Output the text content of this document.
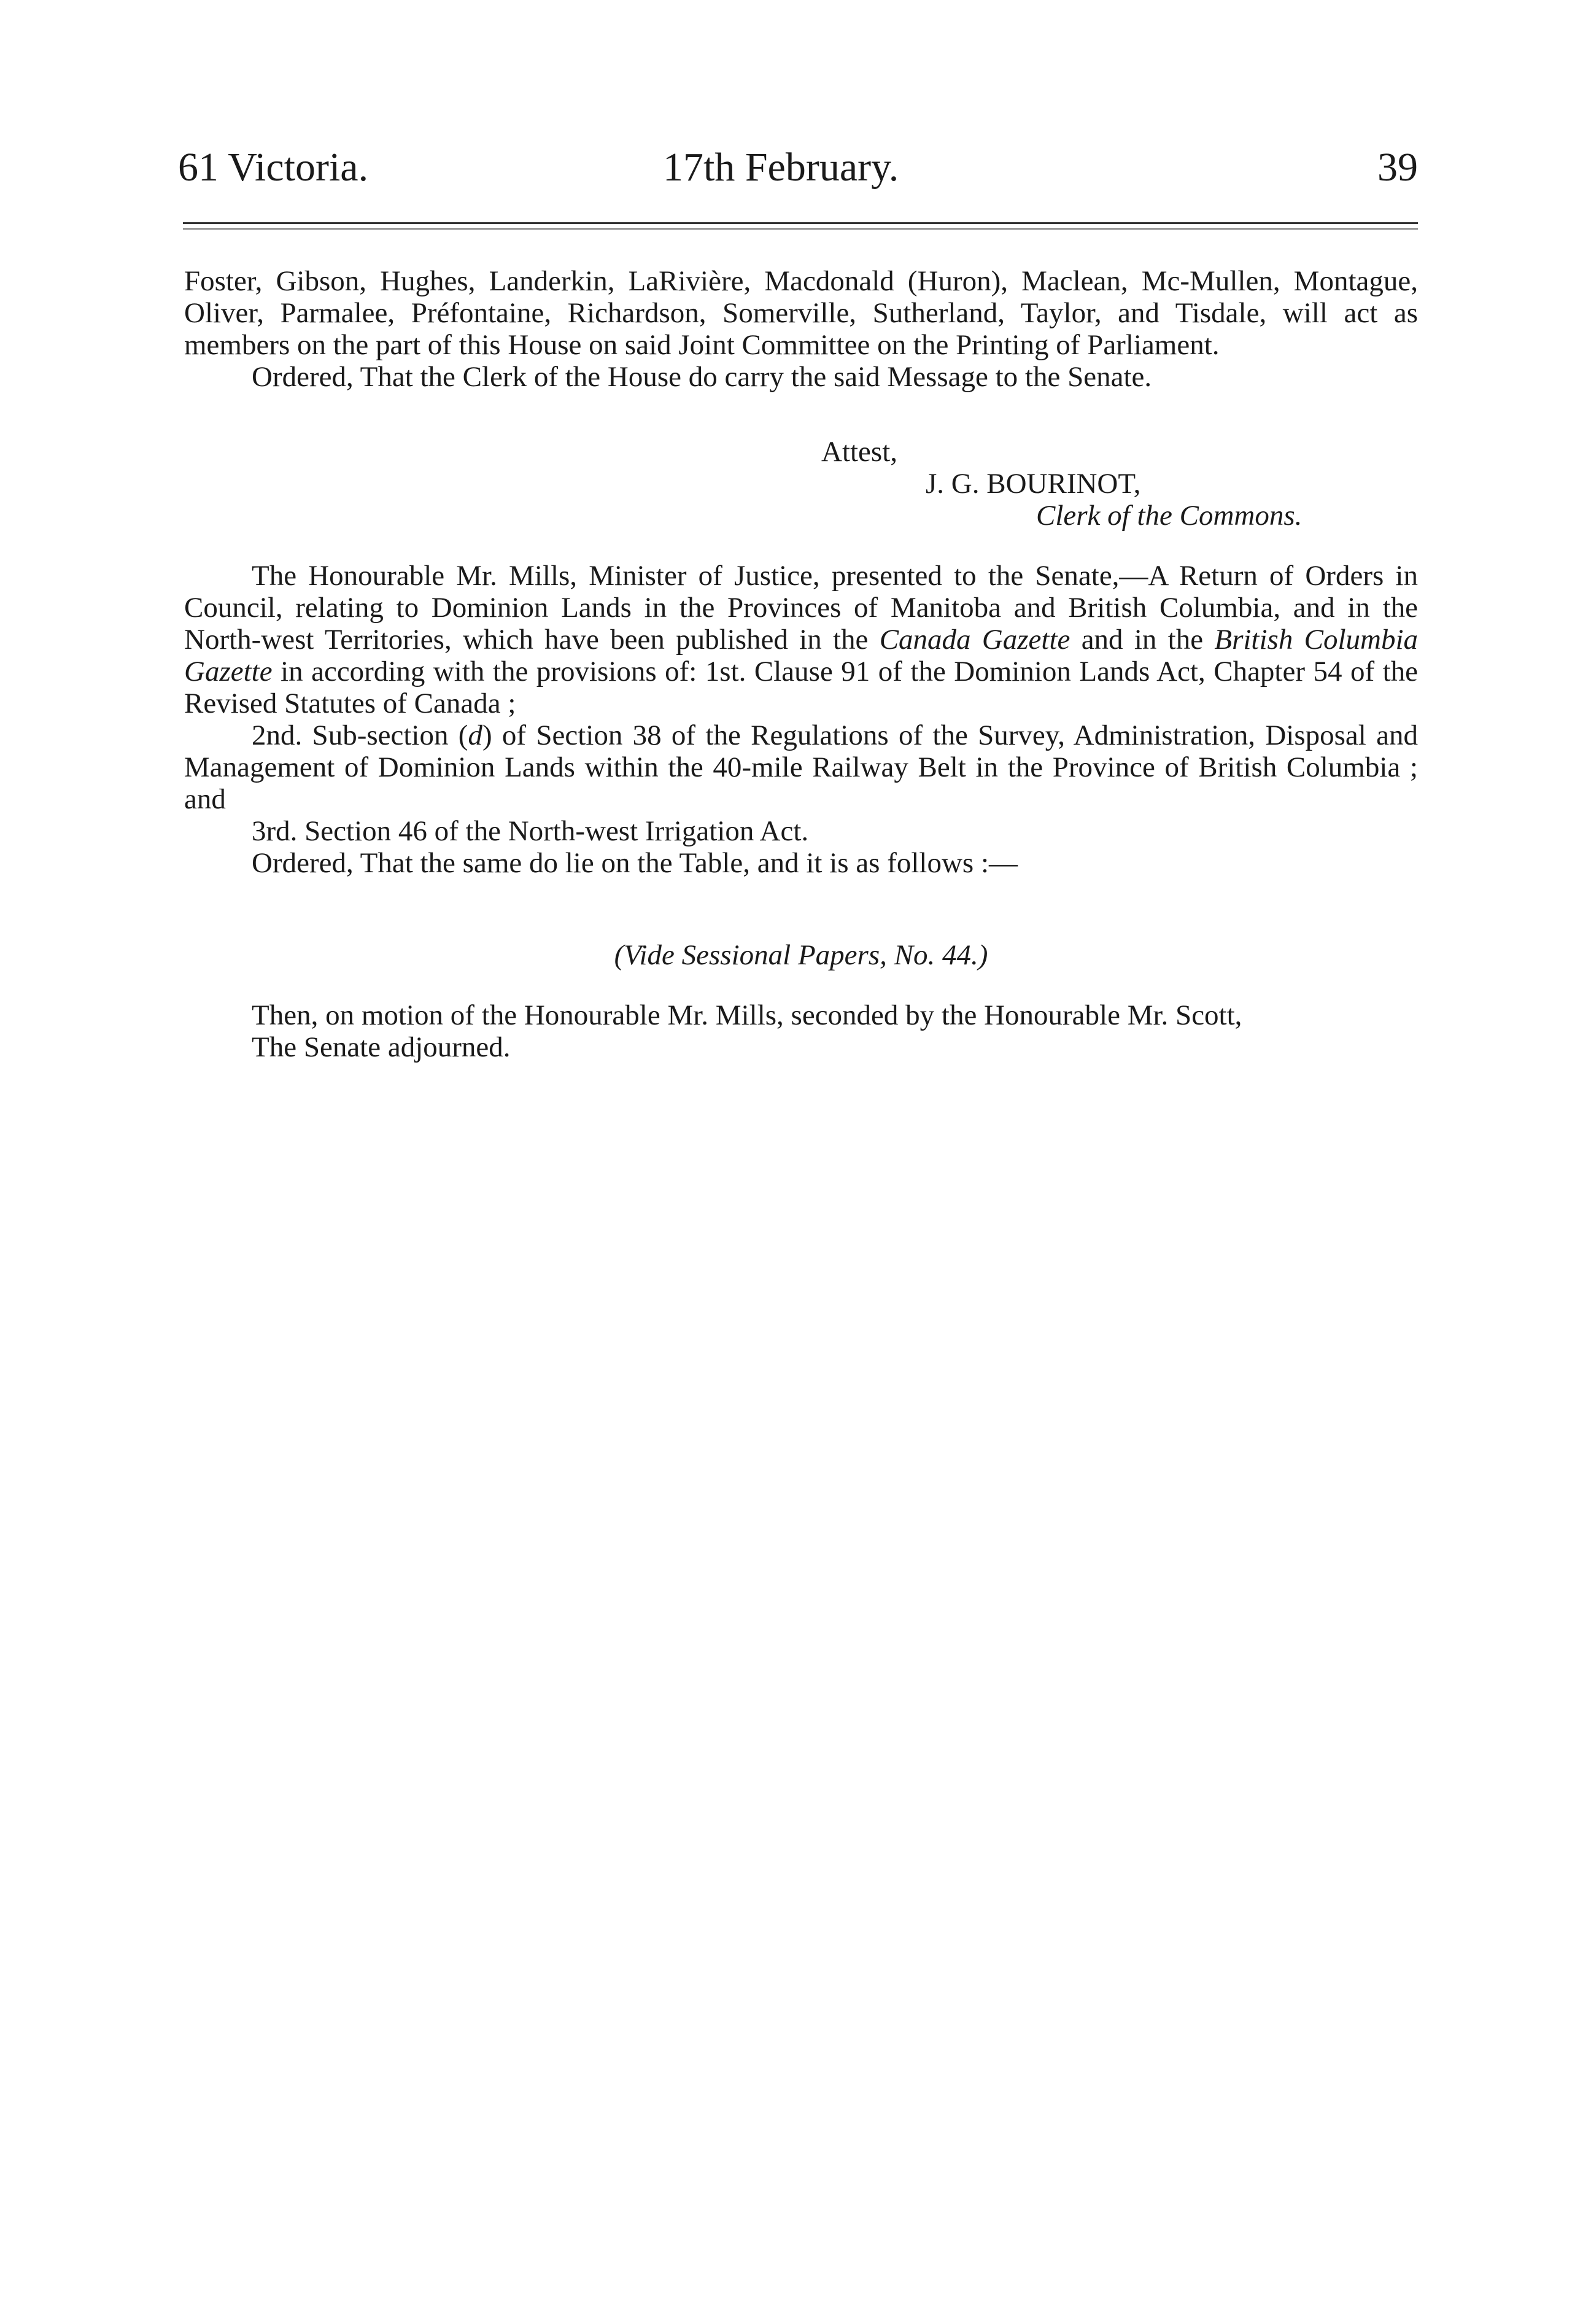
61 Victoria.	17th February.	39

Foster, Gibson, Hughes, Landerkin, LaRivière, Macdonald (Huron), Maclean, Mc-Mullen, Montague, Oliver, Parmalee, Préfontaine, Richardson, Somerville, Sutherland, Taylor, and Tisdale, will act as members on the part of this House on said Joint Committee on the Printing of Parliament.

Ordered, That the Clerk of the House do carry the said Message to the Senate.

Attest,
J. G. BOURINOT,
Clerk of the Commons.

The Honourable Mr. Mills, Minister of Justice, presented to the Senate,—A Return of Orders in Council, relating to Dominion Lands in the Provinces of Manitoba and British Columbia, and in the North-west Territories, which have been published in the Canada Gazette and in the British Columbia Gazette in according with the provisions of: 1st. Clause 91 of the Dominion Lands Act, Chapter 54 of the Revised Statutes of Canada ;

2nd. Sub-section (d) of Section 38 of the Regulations of the Survey, Administration, Disposal and Management of Dominion Lands within the 40-mile Railway Belt in the Province of British Columbia ; and

3rd. Section 46 of the North-west Irrigation Act.

Ordered, That the same do lie on the Table, and it is as follows :—

(Vide Sessional Papers, No. 44.)

Then, on motion of the Honourable Mr. Mills, seconded by the Honourable Mr. Scott,

The Senate adjourned.
